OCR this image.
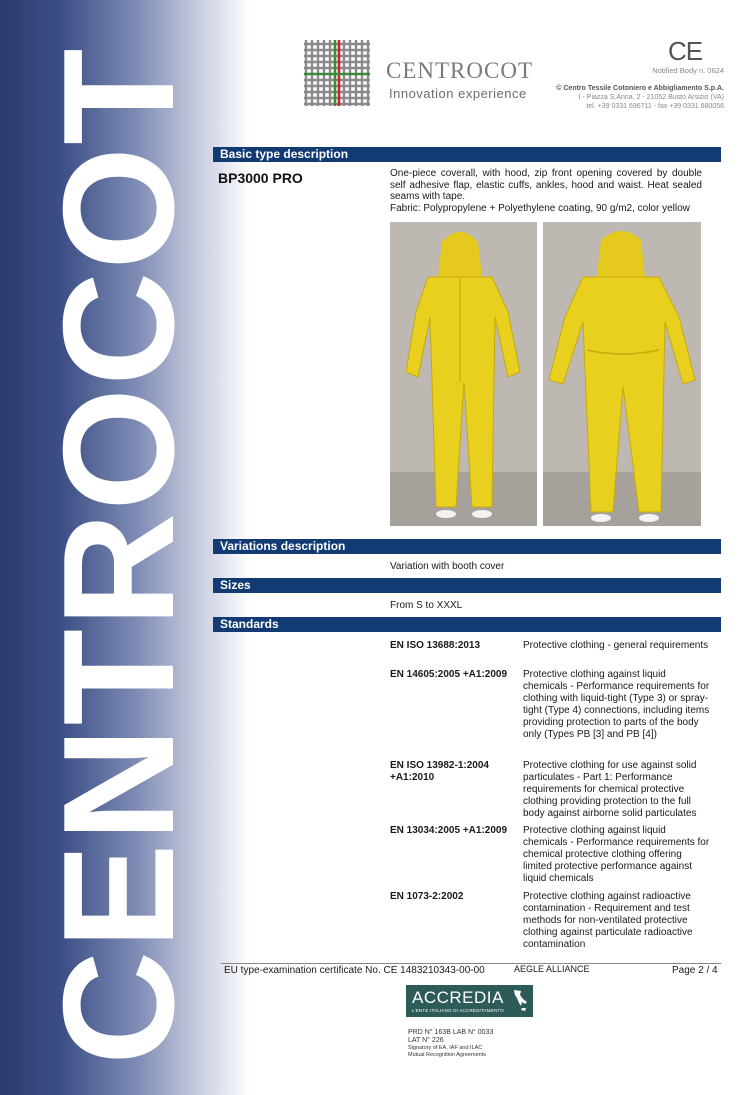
CENTROCOT	CENTROCOT
Innovation experience
CE
Notified Body n. 0624
© Centro Tessile Cotoniero e Abbigliamento S.p.A.
I - Piazza S.Anna, 2 - 21052 Busto Arsizio (VA)
tel. +39 0331 696711 - fax +39 0331 680056
Basic type description
BP3000 PRO	One-piece coverall, with hood, zip front opening covered by double self adhesive flap, elastic cuffs, ankles, hood and waist. Heat sealed seams with tape.

Fabric: Polypropylene + Polyethylene coating, 90 g/m2, color yellow

Variations description
Variation with booth cover
Sizes
From S to XXXL
Standards
EN ISO 13688:2013	Protective clothing - general requirements
EN 14605:2005 +A1:2009 Protective clothing against liquid chemicals - Performance requirements for clothing with liquid-tight (Type 3) or spray-tight (Type 4) connections, including items providing protection to parts of the body only (Types PB [3] and PB [4])
EN ISO 13982-1:2004 +A1:2010
Protective clothing for use against solid particulates - Part 1: Performance requirements for chemical protective clothing providing protection to the full body against airborne solid particulates
EN 13034:2005 +A1:2009 Protective clothing against liquid chemicals - Performance requirements for chemical protective clothing offering limited protective performance against liquid chemicals
EN 1073-2:2002	Protective clothing against radioactive contamination - Requirement and test methods for non-ventilated protective clothing against particulate radioactive contamination
EU type-examination certificate No. CE 1483210343-00-00	AEGLE ALLIANCE	Page 2 / 4
ACCREDIA
L'ENTE ITALIANO DI ACCREDITAMENTO
PRD N° 163B LAB N° 0033
LAT N° 226
Signatory of EA, IAF and ILAC
Mutual Recognition Agreements
